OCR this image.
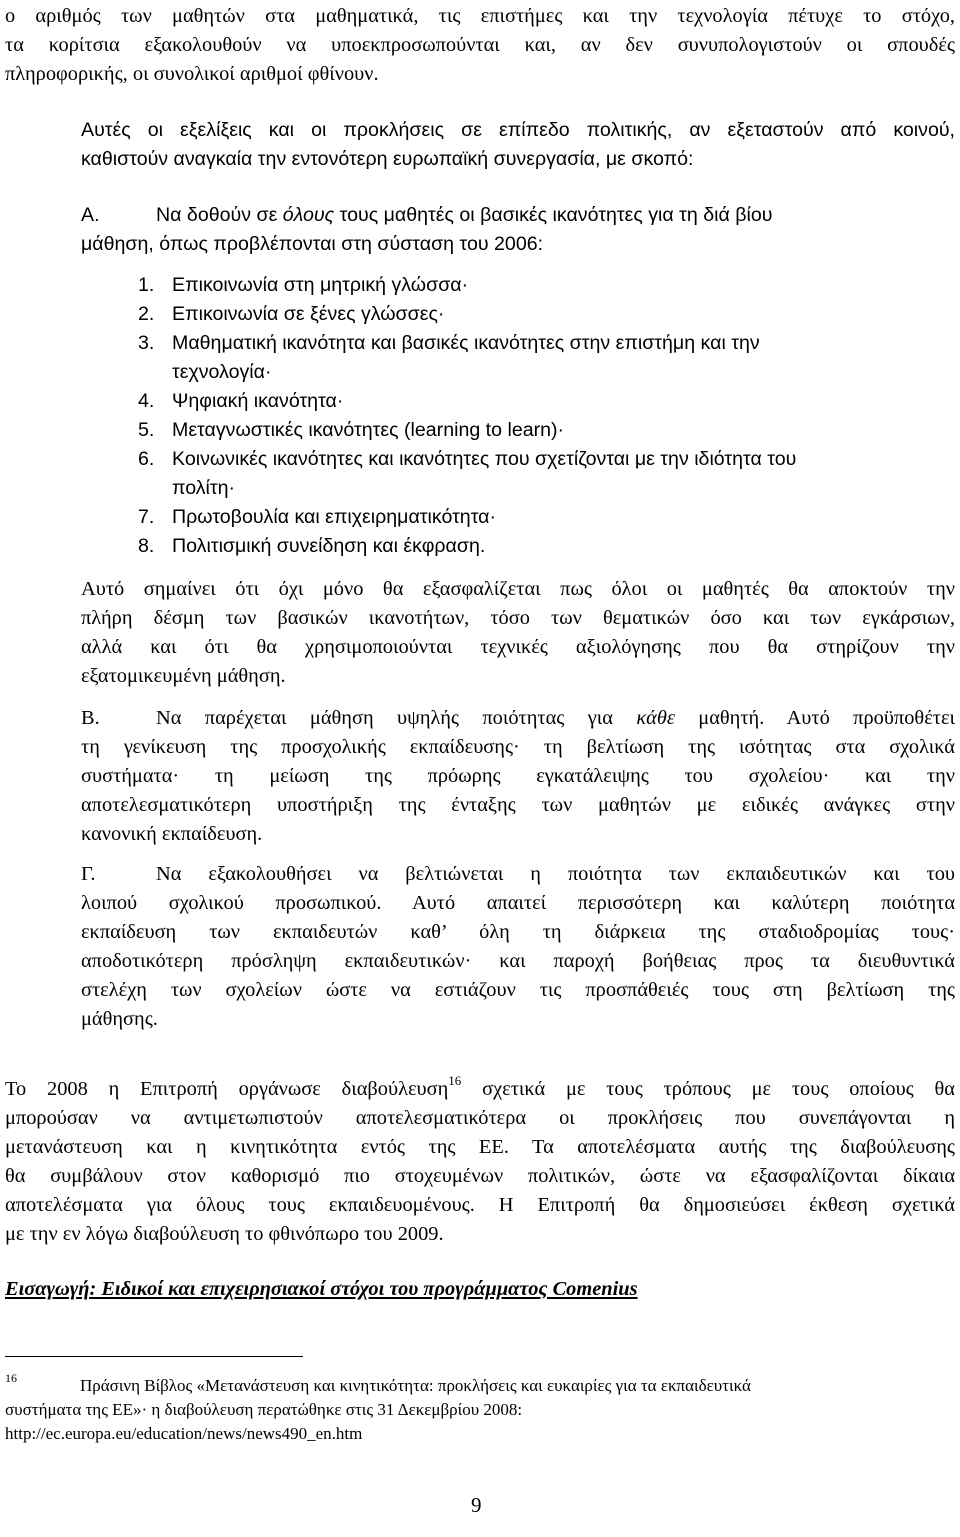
ο αριθμός των μαθητών στα μαθηματικά, τις επιστήμες και την τεχνολογία πέτυχε το στόχο,

τα κορίτσια εξακολουθούν να υποεκπροσωπούνται και, αν δεν συνυπολογιστούν οι σπουδές

πληροφορικής, οι συνολικοί αριθμοί φθίνουν.

Αυτές οι εξελίξεις και οι προκλήσεις σε επίπεδο πολιτικής, αν εξεταστούν από κοινού,

καθιστούν αναγκαία την εντονότερη ευρωπαϊκή συνεργασία, με σκοπό:

Α.	Να δοθούν σε όλους τους μαθητές οι βασικές ικανότητες για τη διά βίου

μάθηση, όπως προβλέπονται στη σύσταση του 2006:

1. Επικοινωνία στη μητρική γλώσσα·
2. Επικοινωνία σε ξένες γλώσσες·
3. Μαθηματική ικανότητα και βασικές ικανότητες στην επιστήμη και την
τεχνολογία·
4. Ψηφιακή ικανότητα·
5. Μεταγνωστικές ικανότητες (learning to learn)·
6. Κοινωνικές ικανότητες και ικανότητες που σχετίζονται με την ιδιότητα του
πολίτη·
7. Πρωτοβουλία και επιχειρηματικότητα·
8. Πολιτισμική συνείδηση και έκφραση.

Αυτό σημαίνει ότι όχι μόνο θα εξασφαλίζεται πως όλοι οι μαθητές θα αποκτούν την

πλήρη δέσμη των βασικών ικανοτήτων, τόσο των θεματικών όσο και των εγκάρσιων,

αλλά και ότι θα χρησιμοποιούνται τεχνικές αξιολόγησης που θα στηρίζουν την

εξατομικευμένη μάθηση.

Β.	Να παρέχεται μάθηση υψηλής ποιότητας για κάθε μαθητή. Αυτό προϋποθέτει

τη γενίκευση της προσχολικής εκπαίδευσης· τη βελτίωση της ισότητας στα σχολικά

συστήματα· τη μείωση της πρόωρης εγκατάλειψης του σχολείου· και την

αποτελεσματικότερη υποστήριξη της ένταξης των μαθητών με ειδικές ανάγκες στην

κανονική εκπαίδευση.

Γ.	Να εξακολουθήσει να βελτιώνεται η ποιότητα των εκπαιδευτικών και του

λοιπού σχολικού προσωπικού. Αυτό απαιτεί περισσότερη και καλύτερη ποιότητα

εκπαίδευση των εκπαιδευτών καθ’ όλη τη διάρκεια της σταδιοδρομίας τους·

αποδοτικότερη πρόσληψη εκπαιδευτικών· και παροχή βοήθειας προς τα διευθυντικά

στελέχη των σχολείων ώστε να εστιάζουν τις προσπάθειές τους στη βελτίωση της

μάθησης.

Το 2008 η Επιτροπή οργάνωσε διαβούλευση$^{16}$ σχετικά με τους τρόπους με τους οποίους θα

μπορούσαν να αντιμετωπιστούν αποτελεσματικότερα οι προκλήσεις που συνεπάγονται η

μετανάστευση και η κινητικότητα εντός της ΕΕ. Τα αποτελέσματα αυτής της διαβούλευσης

θα συμβάλουν στον καθορισμό πιο στοχευμένων πολιτικών, ώστε να εξασφαλίζονται δίκαια

αποτελέσματα για όλους τους εκπαιδευομένους. Η Επιτροπή θα δημοσιεύσει έκθεση σχετικά

με την εν λόγω διαβούλευση το φθινόπωρο του 2009.

Εισαγωγή: Ειδικοί και επιχειρησιακοί στόχοι του προγράμματος Comenius

16	Πράσινη Βίβλος «Μετανάστευση και κινητικότητα: προκλήσεις και ευκαιρίες για τα εκπαιδευτικά

συστήματα της ΕΕ»· η διαβούλευση περατώθηκε στις 31 Δεκεμβρίου 2008:

http://ec.europa.eu/education/news/news490_en.htm

9
